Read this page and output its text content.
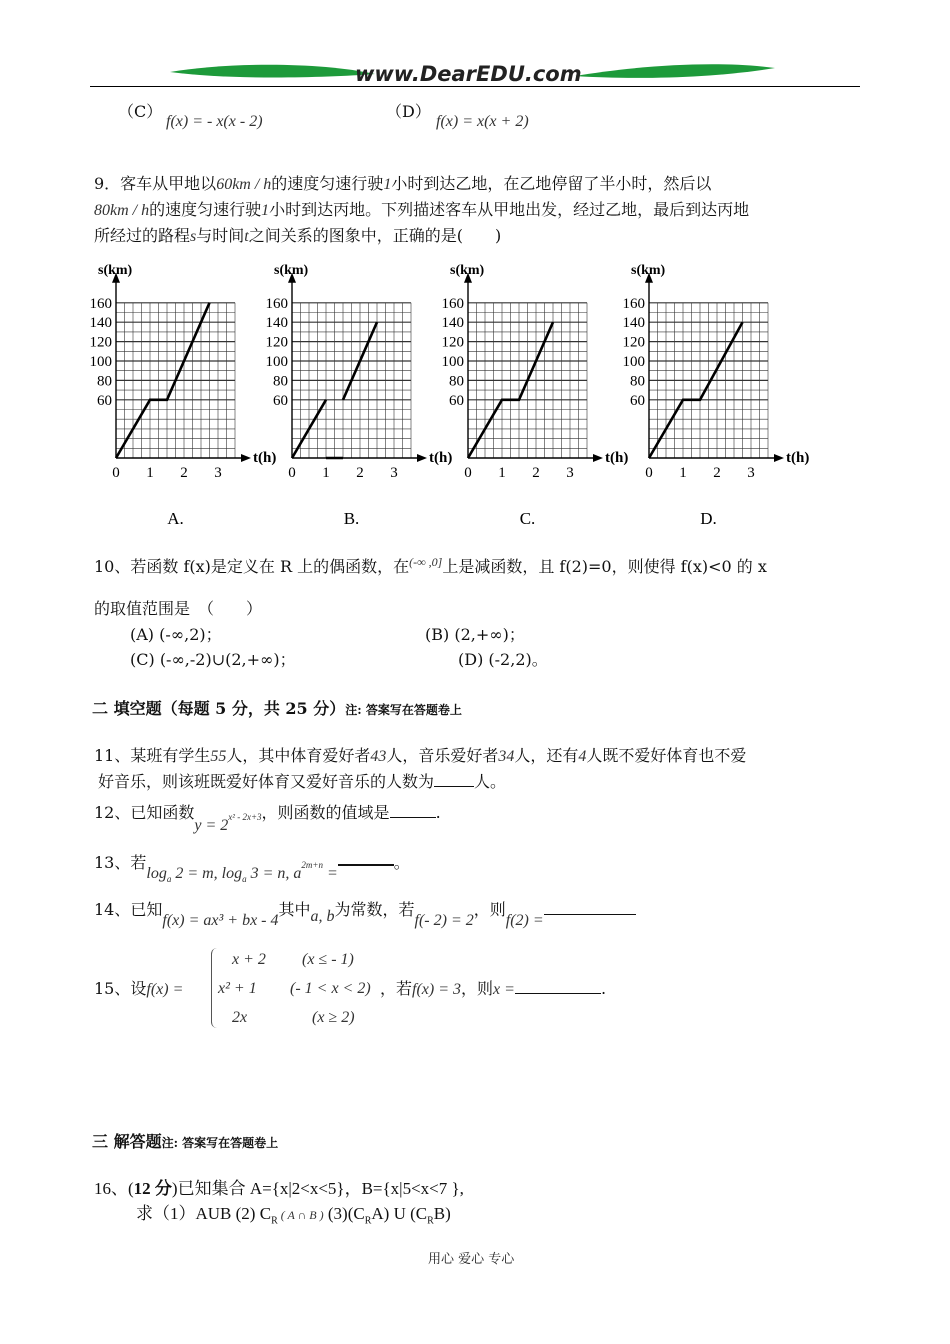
www.DearEDU.com
（C）
f(x) = - x(x - 2)
（D）
f(x) = x(x + 2)
9．客车从甲地以60km / h的速度匀速行驶1小时到达乙地，在乙地停留了半小时，然后以
80km / h的速度匀速行驶1小时到达丙地。下列描述客车从甲地出发，经过乙地，最后到达丙地
所经过的路程s与时间t之间关系的图象中，正确的是(　　)
s(km)
t(h)
160
140
120
100
80
60
0 1 2 3
A.
s(km)
t(h)
160
140
120
100
80
60
0 1 2 3
B.
s(km)
t(h)
160
140
120
100
80
60
0 1 2 3
C.
s(km)
t(h)
160
140
120
100
80
60
0 1 2 3
D.
10、若函数 f(x)是定义在 R 上的偶函数，在$^{(-\infty ,0]}$上是减函数，且 f(2)=0，则使得 f(x)<0 的 x
的取值范围是　（　　）
(A) (-∞,2)；	(B) (2,+∞)；
(C) (-∞,-2)∪(2,+∞)；	(D) (-2,2)。
二 填空题（每题 5 分，共 25 分）注: 答案写在答题卷上
11、某班有学生55人，其中体育爱好者43人，音乐爱好者34人，还有4人既不爱好体育也不爱
好音乐，则该班既爱好体育又爱好音乐的人数为	人。
12、已知函数y = 2x² - 2x+3，则函数的值域是	.
13、若$\log_a 2 = m$, $\log_a 3 = n$, a2m+n =。
14、已知f(x) = ax³ + bx - 4其中a, b为常数，若f(- 2) = 2，则f(2) =
15、设f(x) =
x + 2 (x ≤ - 1)
x² + 1 (- 1 < x < 2)
2x	(x ≥ 2)
，若f(x) = 3，则x =	.
三 解答题注: 答案写在答题卷上
16、(12 分)已知集合 A={x|2<x<5}，B={x|5<x<7 },
求（1）AUB (2) $C_R$ ( A ∩ B ) $(3)(C_RA)$ U $(C_RB)$
用心 爱心 专心
